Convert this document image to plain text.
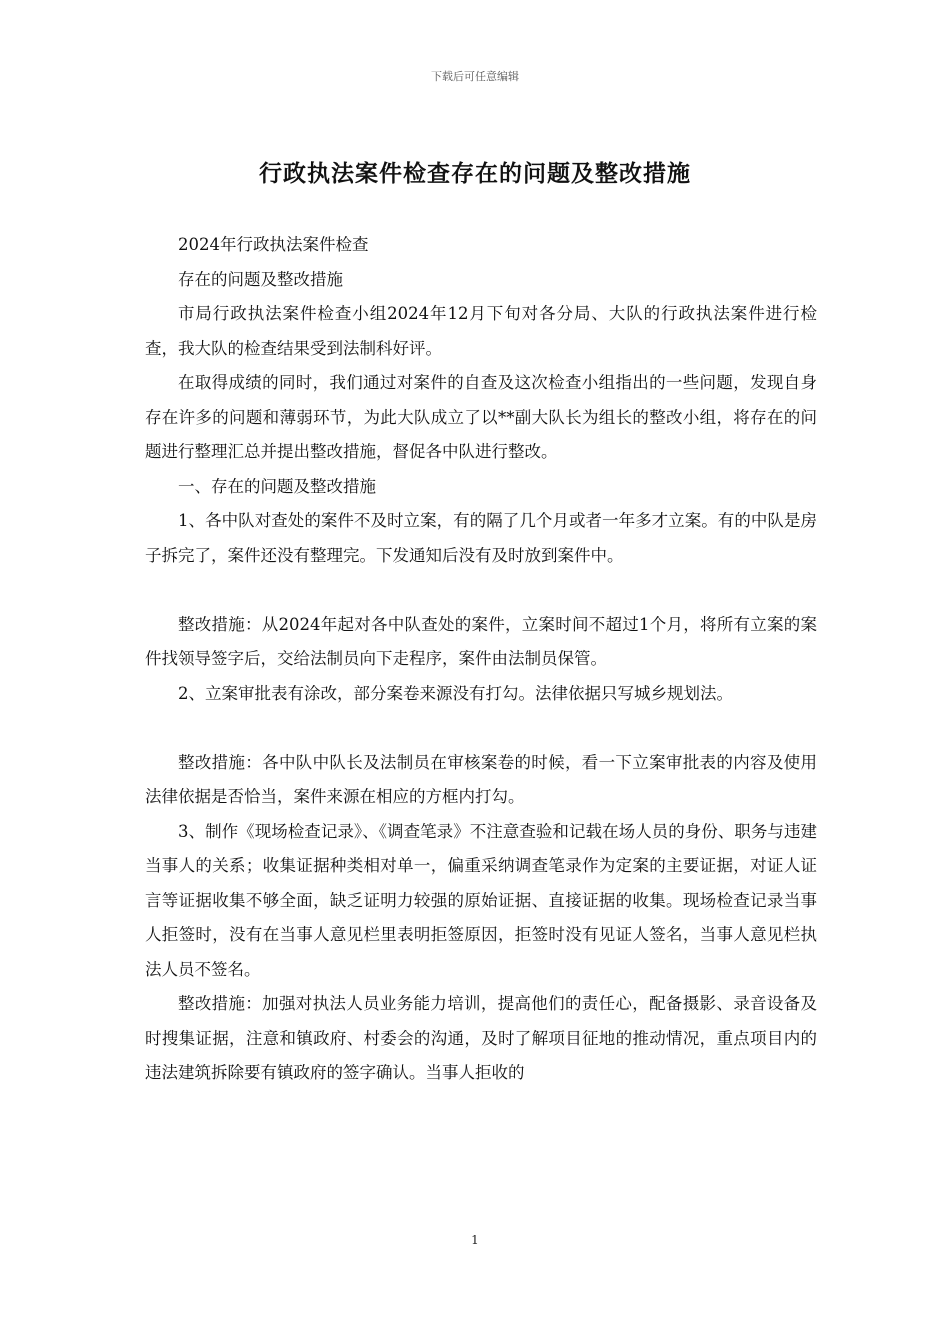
下载后可任意编辑
行政执法案件检查存在的问题及整改措施

2024年行政执法案件检查

存在的问题及整改措施

市局行政执法案件检查小组2024年12月下旬对各分局、大队的行政执法案件进行检查，我大队的检查结果受到法制科好评。

在取得成绩的同时，我们通过对案件的自查及这次检查小组指出的一些问题，发现自身存在许多的问题和薄弱环节，为此大队成立了以**副大队长为组长的整改小组，将存在的问题进行整理汇总并提出整改措施，督促各中队进行整改。

一、存在的问题及整改措施

1、各中队对查处的案件不及时立案，有的隔了几个月或者一年多才立案。有的中队是房子拆完了，案件还没有整理完。下发通知后没有及时放到案件中。

整改措施：从2024年起对各中队查处的案件，立案时间不超过1个月，将所有立案的案件找领导签字后，交给法制员向下走程序，案件由法制员保管。

2、立案审批表有涂改，部分案卷来源没有打勾。法律依据只写城乡规划法。

整改措施：各中队中队长及法制员在审核案卷的时候，看一下立案审批表的内容及使用法律依据是否恰当，案件来源在相应的方框内打勾。

3、制作《现场检查记录》、《调查笔录》不注意查验和记载在场人员的身份、职务与违建当事人的关系；收集证据种类相对单一，偏重采纳调查笔录作为定案的主要证据，对证人证言等证据收集不够全面，缺乏证明力较强的原始证据、直接证据的收集。现场检查记录当事人拒签时，没有在当事人意见栏里表明拒签原因，拒签时没有见证人签名，当事人意见栏执法人员不签名。

整改措施：加强对执法人员业务能力培训，提高他们的责任心，配备摄影、录音设备及时搜集证据，注意和镇政府、村委会的沟通，及时了解项目征地的推动情况，重点项目内的违法建筑拆除要有镇政府的签字确认。当事人拒收的

1
